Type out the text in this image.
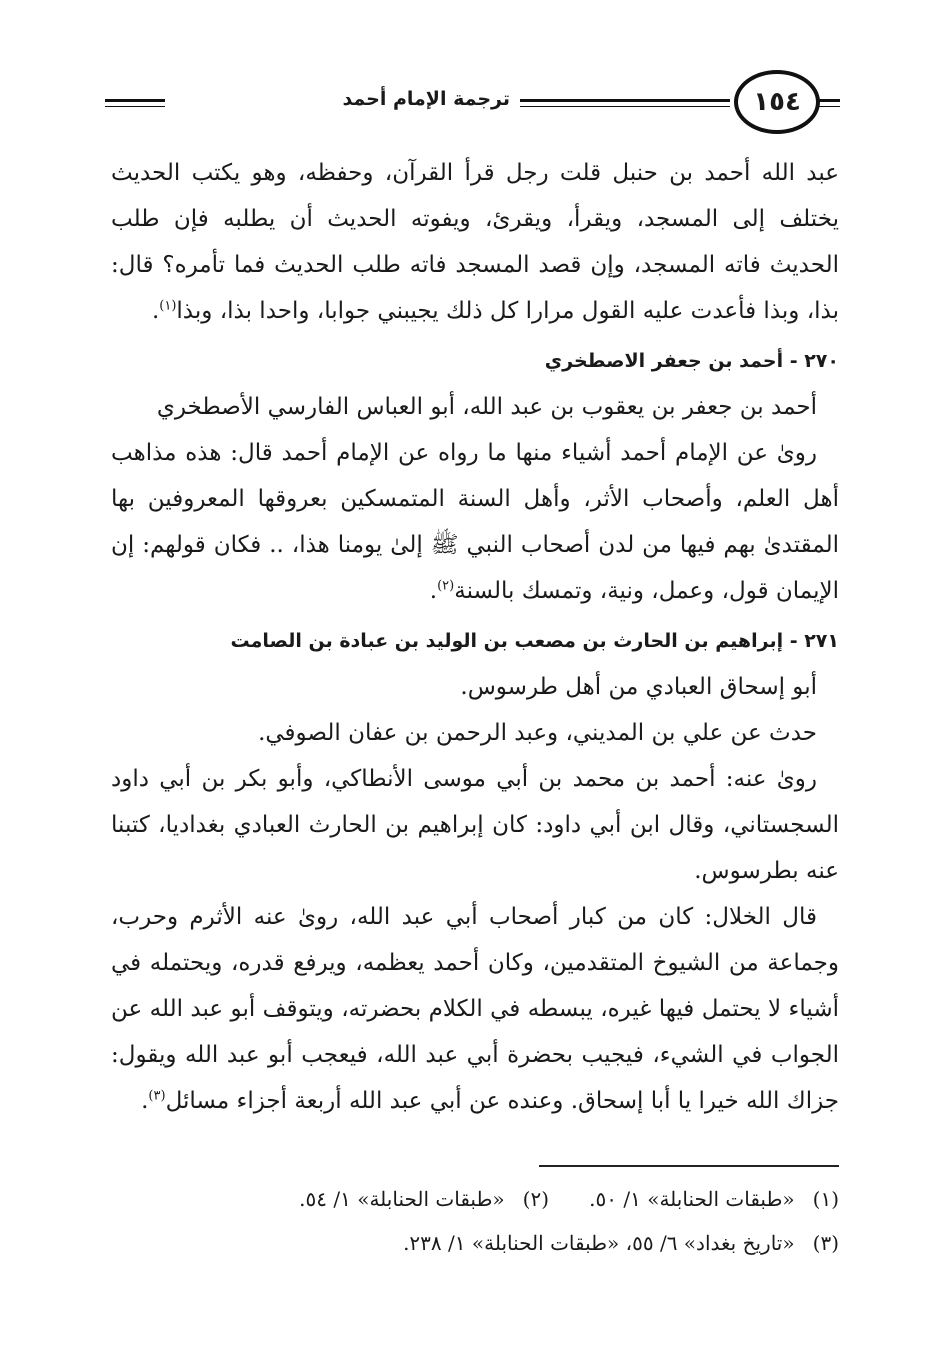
١٥٤
ترجمة الإمام أحمد

عبد الله أحمد بن حنبل قلت رجل قرأ القرآن، وحفظه، وهو يكتب الحديث يختلف إلى المسجد، ويقرأ، ويقرئ، ويفوته الحديث أن يطلبه فإن طلب الحديث فاته المسجد، وإن قصد المسجد فاته طلب الحديث فما تأمره؟ قال: بذا، وبذا فأعدت عليه القول مرارا كل ذلك يجيبني جوابا، واحدا بذا، وبذا$^{(١)}$.

٢٧٠ - أحمد بن جعفر الاصطخري

أحمد بن جعفر بن يعقوب بن عبد الله، أبو العباس الفارسي الأصطخري

روىٰ عن الإمام أحمد أشياء منها ما رواه عن الإمام أحمد قال: هذه مذاهب أهل العلم، وأصحاب الأثر، وأهل السنة المتمسكين بعروقها المعروفين بها المقتدىٰ بهم فيها من لدن أصحاب النبي ﷺ إلىٰ يومنا هذا، .. فكان قولهم: إن الإيمان قول، وعمل، ونية، وتمسك بالسنة$^{(٢)}$.

٢٧١ - إبراهيم بن الحارث بن مصعب بن الوليد بن عبادة بن الصامت

أبو إسحاق العبادي من أهل طرسوس.

حدث عن علي بن المديني، وعبد الرحمن بن عفان الصوفي.

روىٰ عنه: أحمد بن محمد بن أبي موسى الأنطاكي، وأبو بكر بن أبي داود السجستاني، وقال ابن أبي داود: كان إبراهيم بن الحارث العبادي بغداديا، كتبنا عنه بطرسوس.

قال الخلال: كان من كبار أصحاب أبي عبد الله، روىٰ عنه الأثرم وحرب، وجماعة من الشيوخ المتقدمين، وكان أحمد يعظمه، ويرفع قدره، ويحتمله في أشياء لا يحتمل فيها غيره، يبسطه في الكلام بحضرته، ويتوقف أبو عبد الله عن الجواب في الشيء، فيجيب بحضرة أبي عبد الله، فيعجب أبو عبد الله ويقول: جزاك الله خيرا يا أبا إسحاق. وعنده عن أبي عبد الله أربعة أجزاء مسائل$^{(٣)}$.

(١)«طبقات الحنابلة» ١/ ٥٠.
(٢)«طبقات الحنابلة» ١/ ٥٤.
(٣)«تاريخ بغداد» ٦/ ٥٥، «طبقات الحنابلة» ١/ ٢٣٨.
